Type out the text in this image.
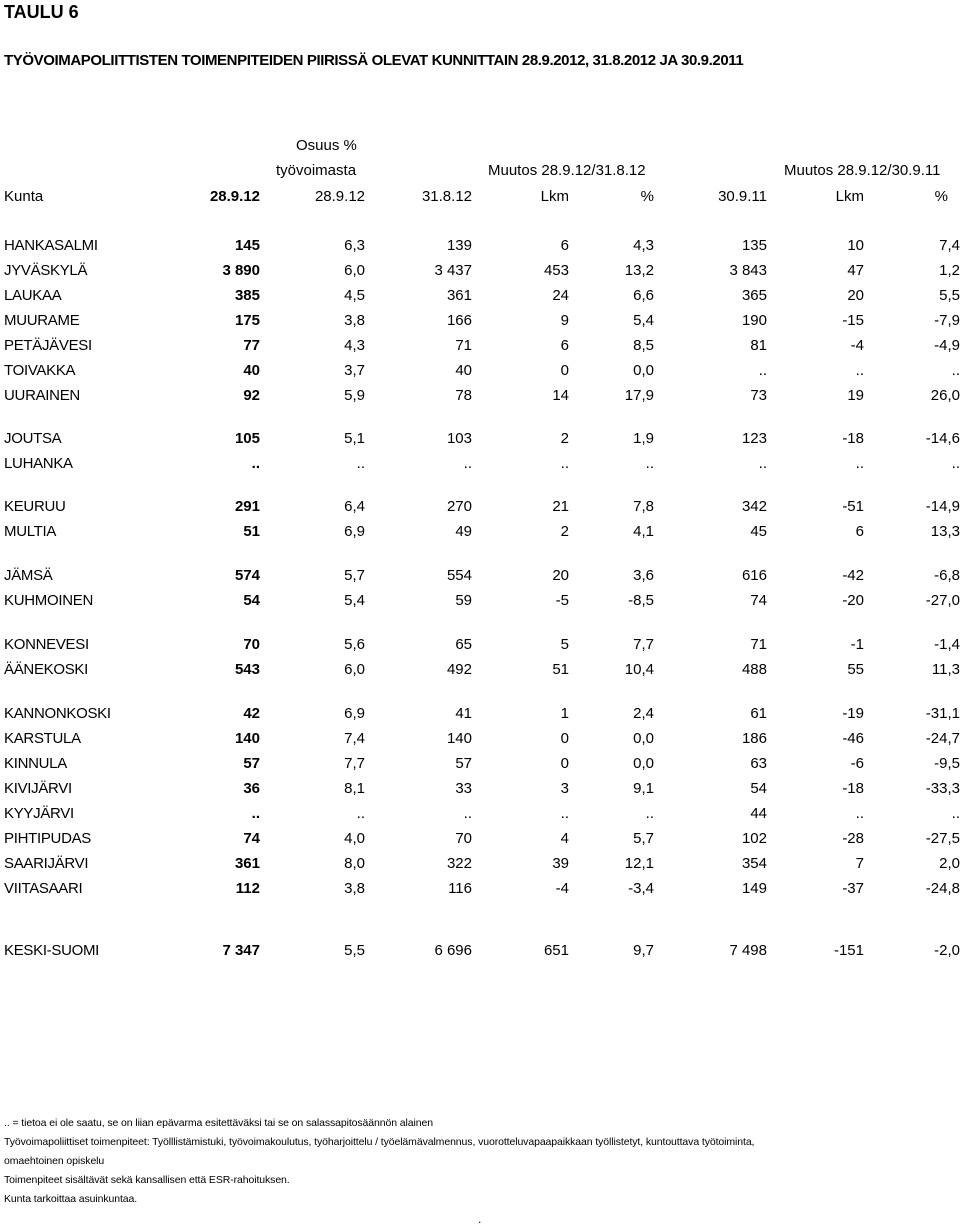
TAULU 6
TYÖVOIMAPOLIITTISTEN TOIMENPITEIDEN PIIRISSÄ OLEVAT KUNNITTAIN 28.9.2012, 31.8.2012 JA 30.9.2011
Osuus %
työvoimasta	Muutos 28.9.12/31.8.12	Muutos 28.9.12/30.9.11
Kunta	28.9.12	28.9.12	31.8.12	Lkm	%	30.9.11	Lkm	%
HANKASALMI	145	6,3	139	6	4,3	135	10	7,4
JYVÄSKYLÄ	3 890	6,0	3 437	453	13,2	3 843	47	1,2
LAUKAA	385	4,5	361	24	6,6	365	20	5,5
MUURAME	175	3,8	166	9	5,4	190	-15	-7,9
PETÄJÄVESI	77	4,3	71	6	8,5	81	-4	-4,9
TOIVAKKA	40	3,7	40	0	0,0	..	..	..
UURAINEN	92	5,9	78	14	17,9	73	19	26,0
JOUTSA	105	5,1	103	2	1,9	123	-18	-14,6
LUHANKA	..	..	..	..	..	..	..	..
KEURUU	291	6,4	270	21	7,8	342	-51	-14,9
MULTIA	51	6,9	49	2	4,1	45	6	13,3
JÄMSÄ	574	5,7	554	20	3,6	616	-42	-6,8
KUHMOINEN	54	5,4	59	-5	-8,5	74	-20	-27,0
KONNEVESI	70	5,6	65	5	7,7	71	-1	-1,4
ÄÄNEKOSKI	543	6,0	492	51	10,4	488	55	11,3
KANNONKOSKI	42	6,9	41	1	2,4	61	-19	-31,1
KARSTULA	140	7,4	140	0	0,0	186	-46	-24,7
KINNULA	57	7,7	57	0	0,0	63	-6	-9,5
KIVIJÄRVI	36	8,1	33	3	9,1	54	-18	-33,3
KYYJÄRVI	..	..	..	..	..	44	..	..
PIHTIPUDAS	74	4,0	70	4	5,7	102	-28	-27,5
SAARIJÄRVI	361	8,0	322	39	12,1	354	7	2,0
VIITASAARI	112	3,8	116	-4	-3,4	149	-37	-24,8
KESKI-SUOMI	7 347	5,5	6 696	651	9,7	7 498	-151	-2,0
.. = tietoa ei ole saatu, se on liian epävarma esitettäväksi tai se on salassapitosäännön alainen
Työvoimapoliittiset toimenpiteet: Työlllistämistuki, työvoimakoulutus, työharjoittelu / työelämävalmennus, vuorotteluvapaapaikkaan työllistetyt, kuntouttava työtoiminta,
omaehtoinen opiskelu
Toimenpiteet sisältävät sekä kansallisen että ESR-rahoituksen.
Kunta tarkoittaa asuinkuntaa.
.
